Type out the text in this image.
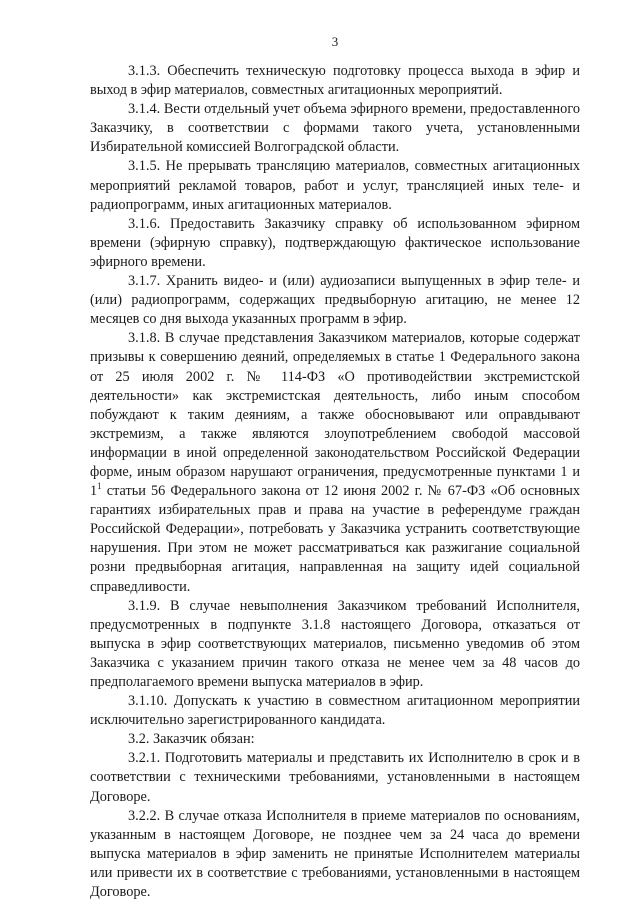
3

3.1.3. Обеспечить техническую подготовку процесса выхода в эфир и выход в эфир материалов, совместных агитационных мероприятий.

3.1.4. Вести отдельный учет объема эфирного времени, предоставленного Заказчику, в соответствии с формами такого учета, установленными Избирательной комиссией Волгоградской области.

3.1.5. Не прерывать трансляцию материалов, совместных агитационных мероприятий рекламой товаров, работ и услуг, трансляцией иных теле- и радиопрограмм, иных агитационных материалов.

3.1.6. Предоставить Заказчику справку об использованном эфирном времени (эфирную справку), подтверждающую фактическое использование эфирного времени.

3.1.7. Хранить видео- и (или) аудиозаписи выпущенных в эфир теле- и (или) радиопрограмм, содержащих предвыборную агитацию, не менее 12 месяцев со дня выхода указанных программ в эфир.

3.1.8. В случае представления Заказчиком материалов, которые содержат призывы к совершению деяний, определяемых в статье 1 Федерального закона от 25 июля 2002 г. № 114-ФЗ «О противодействии экстремистской деятельности» как экстремистская деятельность, либо иным способом побуждают к таким деяниям, а также обосновывают или оправдывают экстремизм, а также являются злоупотреблением свободой массовой информации в иной определенной законодательством Российской Федерации форме, иным образом нарушают ограничения, предусмотренные пунктами 1 и $1^1$ статьи 56 Федерального закона от 12 июня 2002 г. № 67-ФЗ «Об основных гарантиях избирательных прав и права на участие в референдуме граждан Российской Федерации», потребовать у Заказчика устранить соответствующие нарушения. При этом не может рассматриваться как разжигание социальной розни предвыборная агитация, направленная на защиту идей социальной справедливости.

3.1.9. В случае невыполнения Заказчиком требований Исполнителя, предусмотренных в подпункте 3.1.8 настоящего Договора, отказаться от выпуска в эфир соответствующих материалов, письменно уведомив об этом Заказчика с указанием причин такого отказа не менее чем за 48 часов до предполагаемого времени выпуска материалов в эфир.

3.1.10. Допускать к участию в совместном агитационном мероприятии исключительно зарегистрированного кандидата.

3.2. Заказчик обязан:

3.2.1. Подготовить материалы и представить их Исполнителю в срок и в соответствии с техническими требованиями, установленными в настоящем Договоре.

3.2.2. В случае отказа Исполнителя в приеме материалов по основаниям, указанным в настоящем Договоре, не позднее чем за 24 часа до времени выпуска материалов в эфир заменить не принятые Исполнителем материалы или привести их в соответствие с требованиями, установленными в настоящем Договоре.
